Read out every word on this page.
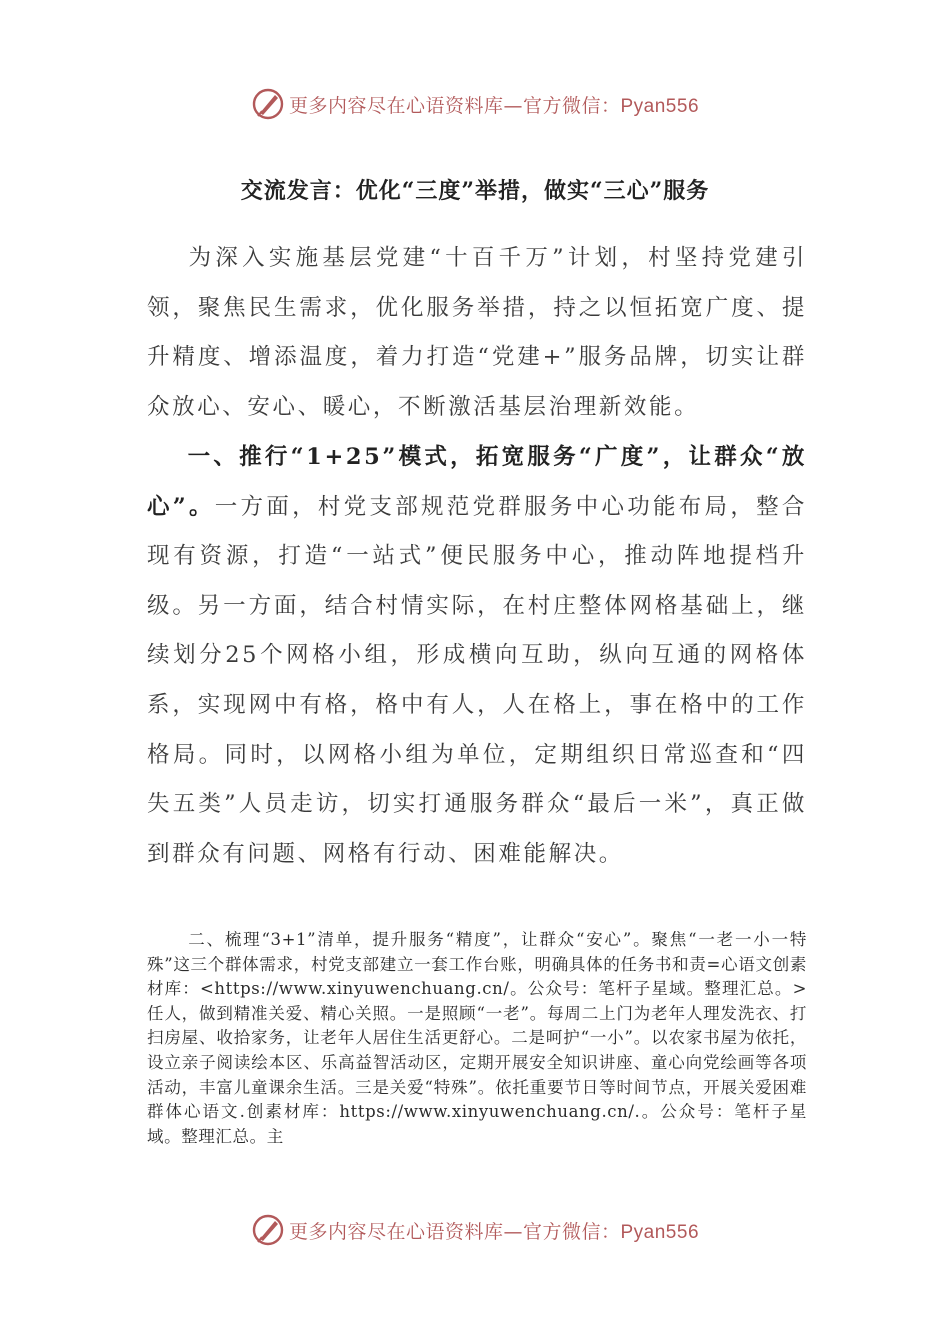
更多内容尽在心语资料库—官方微信：Pyan556
交流发言：优化“三度”举措，做实“三心”服务
为深入实施基层党建“十百千万”计划，村坚持党建引领，聚焦民生需求，优化服务举措，持之以恒拓宽广度、提升精度、增添温度，着力打造“党建+”服务品牌，切实让群众放心、安心、暖心，不断激活基层治理新效能。
一、推行“1+25”模式，拓宽服务“广度”，让群众“放心”。一方面，村党支部规范党群服务中心功能布局，整合现有资源，打造“一站式”便民服务中心，推动阵地提档升级。另一方面，结合村情实际，在村庄整体网格基础上，继续划分25个网格小组，形成横向互助，纵向互通的网格体系，实现网中有格，格中有人，人在格上，事在格中的工作格局。同时，以网格小组为单位，定期组织日常巡查和“四失五类”人员走访，切实打通服务群众“最后一米”，真正做到群众有问题、网格有行动、困难能解决。
二、梳理“3+1”清单，提升服务“精度”，让群众“安心”。聚焦“一老一小一特殊”这三个群体需求，村党支部建立一套工作台账，明确具体的任务书和责=心语文创素材库：<https://www.xinyuwenchuang.cn/。公众号：笔杆子星域。整理汇总。>任人，做到精准关爱、精心关照。一是照顾“一老”。每周二上门为老年人理发洗衣、打扫房屋、收拾家务，让老年人居住生活更舒心。二是呵护“一小”。以农家书屋为依托，设立亲子阅读绘本区、乐高益智活动区，定期开展安全知识讲座、童心向党绘画等各项活动，丰富儿童课余生活。三是关爱“特殊”。依托重要节日等时间节点，开展关爱困难群体心语文.创素材库：https://www.xinyuwenchuang.cn/.。公众号：笔杆子星域。整理汇总。主
更多内容尽在心语资料库—官方微信：Pyan556
